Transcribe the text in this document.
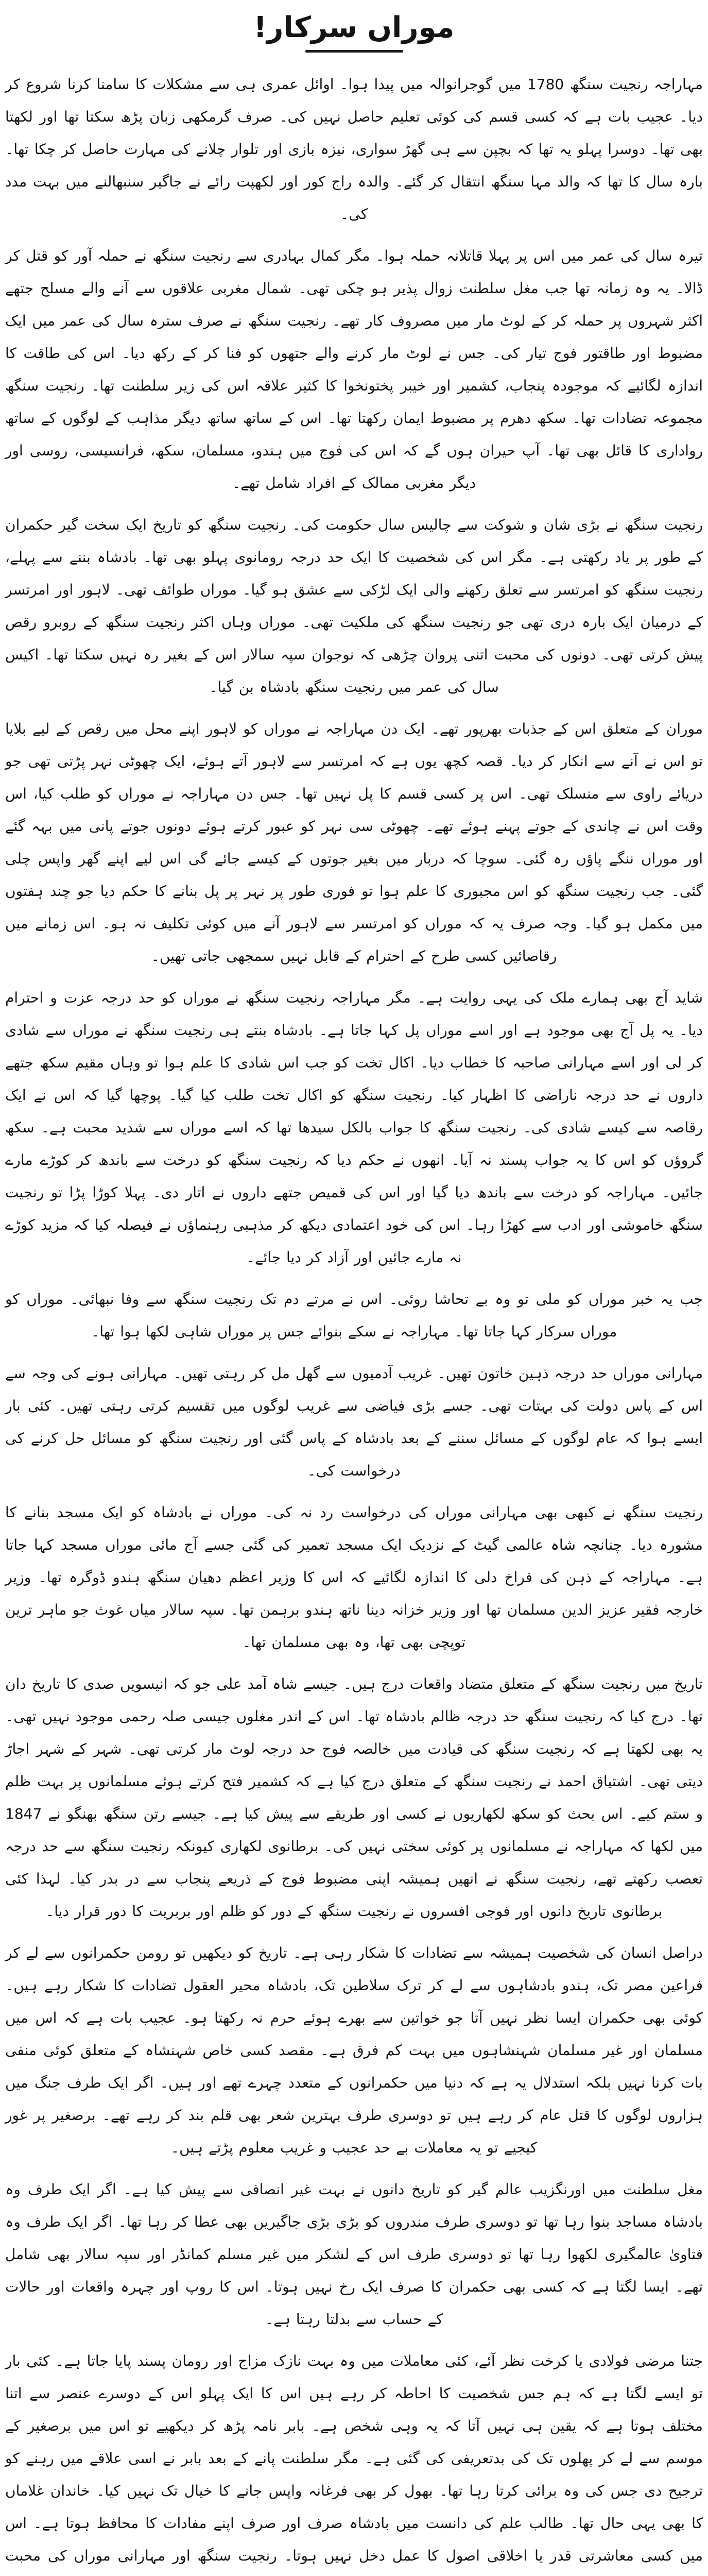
موراں سرکار!

مہاراجہ رنجیت سنگھ 1780 میں گوجرانوالہ میں پیدا ہوا۔ اوائل عمری ہی سے مشکلات کا سامنا کرنا شروع کر دیا۔ عجیب بات ہے کہ کسی قسم کی کوئی تعلیم حاصل نہیں کی۔ صرف گرمکھی زبان پڑھ سکتا تھا اور لکھتا بھی تھا۔ دوسرا پہلو یہ تھا کہ بچپن سے ہی گھڑ سواری، نیزہ بازی اور تلوار چلانے کی مہارت حاصل کر چکا تھا۔ بارہ سال کا تھا کہ والد مہا سنگھ انتقال کر گئے۔ والدہ راج کور اور لکھپت رائے نے جاگیر سنبھالنے میں بہت مدد کی۔

تیرہ سال کی عمر میں اس پر پہلا قاتلانہ حملہ ہوا۔ مگر کمال بہادری سے رنجیت سنگھ نے حملہ آور کو قتل کر ڈالا۔ یہ وہ زمانہ تھا جب مغل سلطنت زوال پذیر ہو چکی تھی۔ شمال مغربی علاقوں سے آنے والے مسلح جتھے اکثر شہروں پر حملہ کر کے لوٹ مار میں مصروف کار تھے۔ رنجیت سنگھ نے صرف سترہ سال کی عمر میں ایک مضبوط اور طاقتور فوج تیار کی۔ جس نے لوٹ مار کرنے والے جتھوں کو فنا کر کے رکھ دیا۔ اس کی طاقت کا اندازہ لگائیے کہ موجودہ پنجاب، کشمیر اور خیبر پختونخوا کا کثیر علاقہ اس کی زیر سلطنت تھا۔ رنجیت سنگھ مجموعہ تضادات تھا۔ سکھ دھرم پر مضبوط ایمان رکھتا تھا۔ اس کے ساتھ ساتھ دیگر مذاہب کے لوگوں کے ساتھ رواداری کا قائل بھی تھا۔ آپ حیران ہوں گے کہ اس کی فوج میں ہندو، مسلمان، سکھ، فرانسیسی، روسی اور دیگر مغربی ممالک کے افراد شامل تھے۔

رنجیت سنگھ نے بڑی شان و شوکت سے چالیس سال حکومت کی۔ رنجیت سنگھ کو تاریخ ایک سخت گیر حکمران کے طور پر یاد رکھتی ہے۔ مگر اس کی شخصیت کا ایک حد درجہ رومانوی پہلو بھی تھا۔ بادشاہ بننے سے پہلے، رنجیت سنگھ کو امرتسر سے تعلق رکھنے والی ایک لڑکی سے عشق ہو گیا۔ موراں طوائف تھی۔ لاہور اور امرتسر کے درمیان ایک بارہ دری تھی جو رنجیت سنگھ کی ملکیت تھی۔ موراں وہاں اکثر رنجیت سنگھ کے روبرو رقص پیش کرتی تھی۔ دونوں کی محبت اتنی پروان چڑھی کہ نوجوان سپہ سالار اس کے بغیر رہ نہیں سکتا تھا۔ اکیس سال کی عمر میں رنجیت سنگھ بادشاہ بن گیا۔

موران کے متعلق اس کے جذبات بھرپور تھے۔ ایک دن مہاراجہ نے موراں کو لاہور اپنے محل میں رقص کے لیے بلایا تو اس نے آنے سے انکار کر دیا۔ قصہ کچھ یوں ہے کہ امرتسر سے لاہور آتے ہوئے، ایک چھوٹی نہر پڑتی تھی جو دریائے راوی سے منسلک تھی۔ اس پر کسی قسم کا پل نہیں تھا۔ جس دن مہاراجہ نے موراں کو طلب کیا، اس وقت اس نے چاندی کے جوتے پہنے ہوئے تھے۔ چھوٹی سی نہر کو عبور کرتے ہوئے دونوں جوتے پانی میں بہہ گئے اور موراں ننگے پاؤں رہ گئی۔ سوچا کہ دربار میں بغیر جوتوں کے کیسے جائے گی اس لیے اپنے گھر واپس چلی گئی۔ جب رنجیت سنگھ کو اس مجبوری کا علم ہوا تو فوری طور پر نہر پر پل بنانے کا حکم دیا جو چند ہفتوں میں مکمل ہو گیا۔ وجہ صرف یہ کہ موراں کو امرتسر سے لاہور آنے میں کوئی تکلیف نہ ہو۔ اس زمانے میں رقاصائیں کسی طرح کے احترام کے قابل نہیں سمجھی جاتی تھیں۔

شاید آج بھی ہمارے ملک کی یہی روایت ہے۔ مگر مہاراجہ رنجیت سنگھ نے موراں کو حد درجہ عزت و احترام دیا۔ یہ پل آج بھی موجود ہے اور اسے موراں پل کہا جاتا ہے۔ بادشاہ بنتے ہی رنجیت سنگھ نے موراں سے شادی کر لی اور اسے مہارانی صاحبہ کا خطاب دیا۔ اکال تخت کو جب اس شادی کا علم ہوا تو وہاں مقیم سکھ جتھے داروں نے حد درجہ ناراضی کا اظہار کیا۔ رنجیت سنگھ کو اکال تخت طلب کیا گیا۔ پوچھا گیا کہ اس نے ایک رقاصہ سے کیسے شادی کی۔ رنجیت سنگھ کا جواب بالکل سیدھا تھا کہ اسے موراں سے شدید محبت ہے۔ سکھ گروؤں کو اس کا یہ جواب پسند نہ آیا۔ انھوں نے حکم دیا کہ رنجیت سنگھ کو درخت سے باندھ کر کوڑے مارے جائیں۔ مہاراجہ کو درخت سے باندھ دیا گیا اور اس کی قمیص جتھے داروں نے اتار دی۔ پہلا کوڑا پڑا تو رنجیت سنگھ خاموشی اور ادب سے کھڑا رہا۔ اس کی خود اعتمادی دیکھ کر مذہبی رہنماؤں نے فیصلہ کیا کہ مزید کوڑے نہ مارے جائیں اور آزاد کر دیا جائے۔

جب یہ خبر موراں کو ملی تو وہ بے تحاشا روئی۔ اس نے مرتے دم تک رنجیت سنگھ سے وفا نبھائی۔ موراں کو موراں سرکار کہا جاتا تھا۔ مہاراجہ نے سکے بنوائے جس پر موراں شاہی لکھا ہوا تھا۔

مہارانی موراں حد درجہ ذہین خاتون تھیں۔ غریب آدمیوں سے گھل مل کر رہتی تھیں۔ مہارانی ہونے کی وجہ سے اس کے پاس دولت کی بہتات تھی۔ جسے بڑی فیاضی سے غریب لوگوں میں تقسیم کرتی رہتی تھیں۔ کئی بار ایسے ہوا کہ عام لوگوں کے مسائل سننے کے بعد بادشاہ کے پاس گئی اور رنجیت سنگھ کو مسائل حل کرنے کی درخواست کی۔

رنجیت سنگھ نے کبھی بھی مہارانی موراں کی درخواست رد نہ کی۔ موراں نے بادشاہ کو ایک مسجد بنانے کا مشورہ دیا۔ چنانچہ شاہ عالمی گیٹ کے نزدیک ایک مسجد تعمیر کی گئی جسے آج مائی موراں مسجد کہا جاتا ہے۔ مہاراجہ کے ذہن کی فراخ دلی کا اندازہ لگائیے کہ اس کا وزیر اعظم دھیان سنگھ ہندو ڈوگرہ تھا۔ وزیر خارجہ فقیر عزیز الدین مسلمان تھا اور وزیر خزانہ دینا ناتھ ہندو برہمن تھا۔ سپہ سالار میاں غوث جو ماہر ترین توپچی بھی تھا، وہ بھی مسلمان تھا۔

تاریخ میں رنجیت سنگھ کے متعلق متضاد واقعات درج ہیں۔ جیسے شاہ آمد علی جو کہ انیسویں صدی کا تاریخ دان تھا۔ درج کیا کہ رنجیت سنگھ حد درجہ ظالم بادشاہ تھا۔ اس کے اندر مغلوں جیسی صلہ رحمی موجود نہیں تھی۔ یہ بھی لکھتا ہے کہ رنجیت سنگھ کی قیادت میں خالصہ فوج حد درجہ لوٹ مار کرتی تھی۔ شہر کے شہر اجاڑ دیتی تھی۔ اشتیاق احمد نے رنجیت سنگھ کے متعلق درج کیا ہے کہ کشمیر فتح کرتے ہوئے مسلمانوں پر بہت ظلم و ستم کیے۔ اس بحث کو سکھ لکھاریوں نے کسی اور طریقے سے پیش کیا ہے۔ جیسے رتن سنگھ بھنگو نے 1847 میں لکھا کہ مہاراجہ نے مسلمانوں پر کوئی سختی نہیں کی۔ برطانوی لکھاری کیونکہ رنجیت سنگھ سے حد درجہ تعصب رکھتے تھے، رنجیت سنگھ نے انھیں ہمیشہ اپنی مضبوط فوج کے ذریعے پنجاب سے در بدر کیا۔ لہذا کئی برطانوی تاریخ دانوں اور فوجی افسروں نے رنجیت سنگھ کے دور کو ظلم اور بربریت کا دور قرار دیا۔

دراصل انسان کی شخصیت ہمیشہ سے تضادات کا شکار رہی ہے۔ تاریخ کو دیکھیں تو رومن حکمرانوں سے لے کر فراعین مصر تک، ہندو بادشاہوں سے لے کر ترک سلاطین تک، بادشاہ محیر العقول تضادات کا شکار رہے ہیں۔ کوئی بھی حکمران ایسا نظر نہیں آتا جو خواتین سے بھرے ہوئے حرم نہ رکھتا ہو۔ عجیب بات ہے کہ اس میں مسلمان اور غیر مسلمان شہنشاہوں میں بہت کم فرق ہے۔ مقصد کسی خاص شہنشاہ کے متعلق کوئی منفی بات کرنا نہیں بلکہ استدلال یہ ہے کہ دنیا میں حکمرانوں کے متعدد چہرے تھے اور ہیں۔ اگر ایک طرف جنگ میں ہزاروں لوگوں کا قتل عام کر رہے ہیں تو دوسری طرف بہترین شعر بھی قلم بند کر رہے تھے۔ برصغیر پر غور کیجیے تو یہ معاملات بے حد عجیب و غریب معلوم پڑتے ہیں۔

مغل سلطنت میں اورنگزیب عالم گیر کو تاریخ دانوں نے بہت غیر انصافی سے پیش کیا ہے۔ اگر ایک طرف وہ بادشاہ مساجد بنوا رہا تھا تو دوسری طرف مندروں کو بڑی بڑی جاگیریں بھی عطا کر رہا تھا۔ اگر ایک طرف وہ فتاویٰ عالمگیری لکھوا رہا تھا تو دوسری طرف اس کے لشکر میں غیر مسلم کمانڈر اور سپہ سالار بھی شامل تھے۔ ایسا لگتا ہے کہ کسی بھی حکمران کا صرف ایک رخ نہیں ہوتا۔ اس کا روپ اور چہرہ واقعات اور حالات کے حساب سے بدلتا رہتا ہے۔

جتنا مرضی فولادی یا کرخت نظر آئے، کئی معاملات میں وہ بہت نازک مزاج اور رومان پسند پایا جاتا ہے۔ کئی بار تو ایسے لگتا ہے کہ ہم جس شخصیت کا احاطہ کر رہے ہیں اس کا ایک پہلو اس کے دوسرے عنصر سے اتنا مختلف ہوتا ہے کہ یقین ہی نہیں آتا کہ یہ وہی شخص ہے۔ بابر نامہ پڑھ کر دیکھیے تو اس میں برصغیر کے موسم سے لے کر پھلوں تک کی بدتعریفی کی گئی ہے۔ مگر سلطنت پانے کے بعد بابر نے اسی علاقے میں رہنے کو ترجیح دی جس کی وہ برائی کرتا رہا تھا۔ بھول کر بھی فرغانہ واپس جانے کا خیال تک نہیں کیا۔ خاندان غلاماں کا بھی یہی حال تھا۔ طالب علم کی دانست میں بادشاہ صرف اور صرف اپنے مفادات کا محافظ ہوتا ہے۔ اس میں کسی معاشرتی قدر یا اخلاقی اصول کا عمل دخل نہیں ہوتا۔ رنجیت سنگھ اور مہارانی موراں کی محبت
